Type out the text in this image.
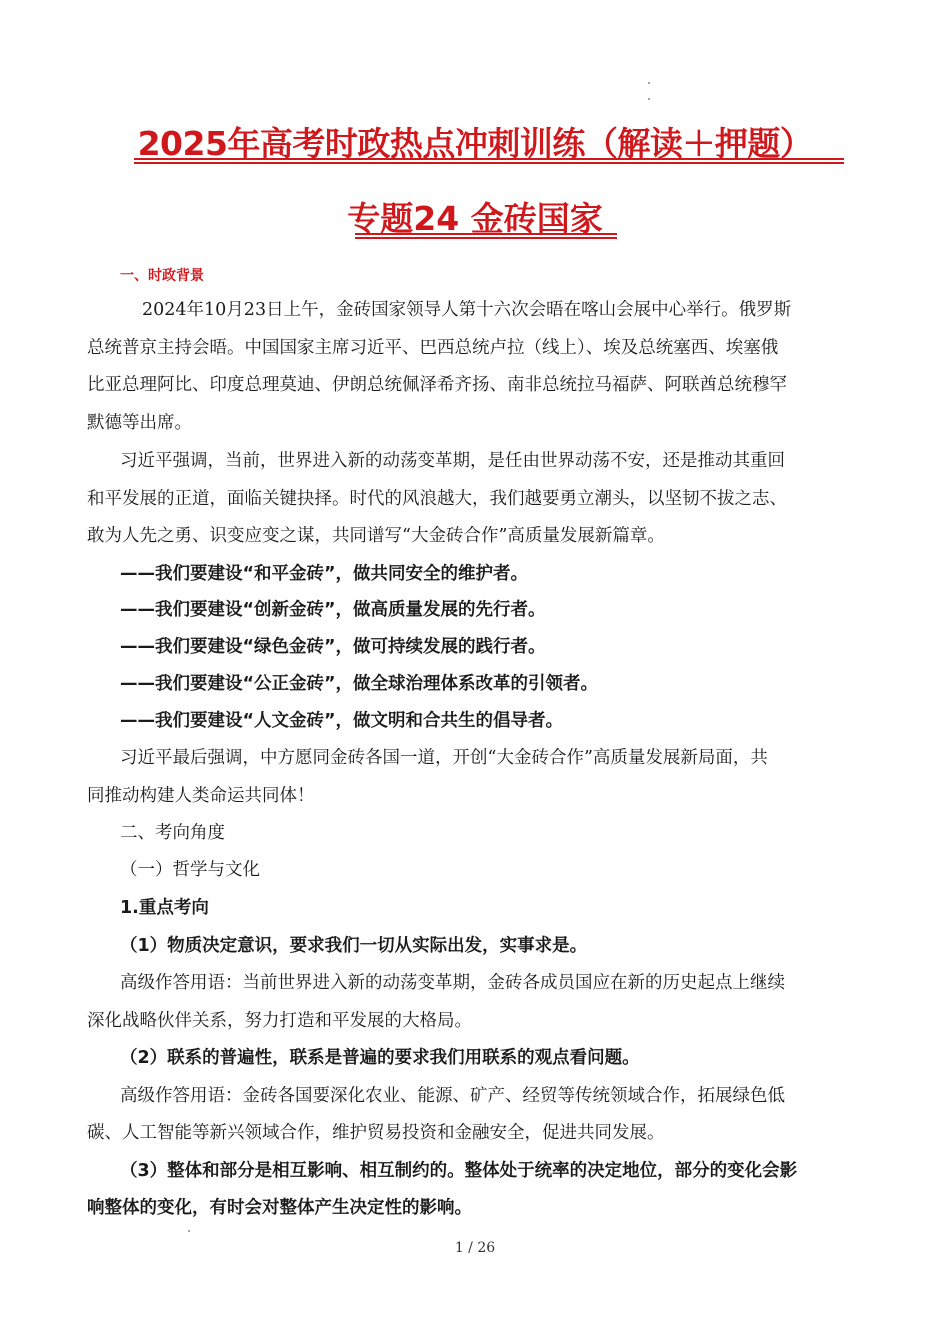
2025年高考时政热点冲刺训练（解读＋押题）
专题24 金砖国家
一、时政背景
2024年10月23日上午，金砖国家领导人第十六次会晤在喀山会展中心举行。俄罗斯
总统普京主持会晤。中国国家主席习近平、巴西总统卢拉（线上）、埃及总统塞西、埃塞俄
比亚总理阿比、印度总理莫迪、伊朗总统佩泽希齐扬、南非总统拉马福萨、阿联酋总统穆罕
默德等出席。
习近平强调，当前，世界进入新的动荡变革期，是任由世界动荡不安，还是推动其重回
和平发展的正道，面临关键抉择。时代的风浪越大，我们越要勇立潮头，以坚韧不拔之志、
敢为人先之勇、识变应变之谋，共同谱写“大金砖合作”高质量发展新篇章。
——我们要建设“和平金砖”，做共同安全的维护者。
——我们要建设“创新金砖”，做高质量发展的先行者。
——我们要建设“绿色金砖”，做可持续发展的践行者。
——我们要建设“公正金砖”，做全球治理体系改革的引领者。
——我们要建设“人文金砖”，做文明和合共生的倡导者。
习近平最后强调，中方愿同金砖各国一道，开创“大金砖合作”高质量发展新局面，共
同推动构建人类命运共同体！
二、考向角度
（一）哲学与文化
1.重点考向
（1）物质决定意识，要求我们一切从实际出发，实事求是。
高级作答用语：当前世界进入新的动荡变革期，金砖各成员国应在新的历史起点上继续
深化战略伙伴关系，努力打造和平发展的大格局。
（2）联系的普遍性，联系是普遍的要求我们用联系的观点看问题。
高级作答用语：金砖各国要深化农业、能源、矿产、经贸等传统领域合作，拓展绿色低
碳、人工智能等新兴领域合作，维护贸易投资和金融安全，促进共同发展。
（3）整体和部分是相互影响、相互制约的。整体处于统率的决定地位，部分的变化会影
响整体的变化，有时会对整体产生决定性的影响。
1 / 26
